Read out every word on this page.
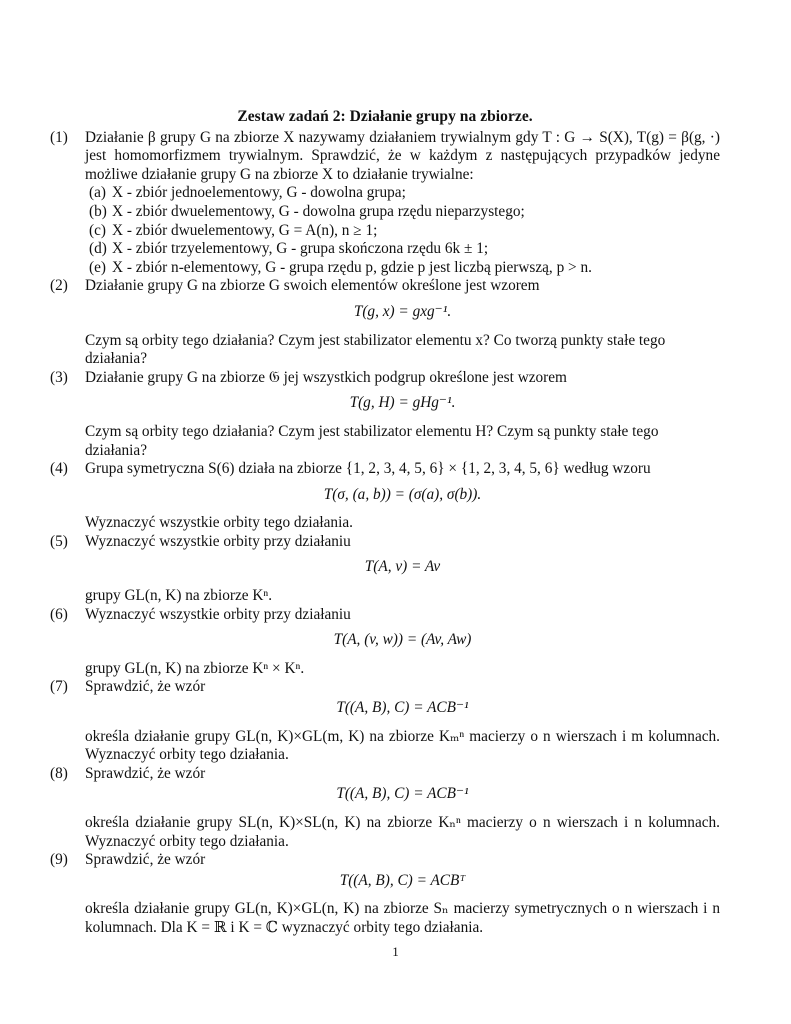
Zestaw zadań 2: Działanie grupy na zbiorze.
(1) Działanie β grupy G na zbiorze X nazywamy działaniem trywialnym gdy T : G → S(X), T(g) = β(g, ·) jest homomorfizmem trywialnym. Sprawdzić, że w każdym z następujących przypadków jedyne możliwe działanie grupy G na zbiorze X to działanie trywialne:
(a) X - zbiór jednoelementowy, G - dowolna grupa;
(b) X - zbiór dwuelementowy, G - dowolna grupa rzędu nieparzystego;
(c) X - zbiór dwuelementowy, G = A(n), n ≥ 1;
(d) X - zbiór trzyelementowy, G - grupa skończona rzędu 6k ± 1;
(e) X - zbiór n-elementowy, G - grupa rzędu p, gdzie p jest liczbą pierwszą, p > n.
(2) Działanie grupy G na zbiorze G swoich elementów określone jest wzorem
T(g, x) = gxg⁻¹.
Czym są orbity tego działania? Czym jest stabilizator elementu x? Co tworzą punkty stałe tego działania?
(3) Działanie grupy G na zbiorze 𝔊 jej wszystkich podgrup określone jest wzorem
T(g, H) = gHg⁻¹.
Czym są orbity tego działania? Czym jest stabilizator elementu H? Czym są punkty stałe tego działania?
(4) Grupa symetryczna S(6) działa na zbiorze {1, 2, 3, 4, 5, 6} × {1, 2, 3, 4, 5, 6} według wzoru
T(σ, (a, b)) = (σ(a), σ(b)).
Wyznaczyć wszystkie orbity tego działania.
(5) Wyznaczyć wszystkie orbity przy działaniu
T(A, v) = Av
grupy GL(n, K) na zbiorze Kⁿ.
(6) Wyznaczyć wszystkie orbity przy działaniu
T(A, (v, w)) = (Av, Aw)
grupy GL(n, K) na zbiorze Kⁿ × Kⁿ.
(7) Sprawdzić, że wzór
T((A, B), C) = ACB⁻¹
określa działanie grupy GL(n, K)×GL(m, K) na zbiorze Kₘⁿ macierzy o n wierszach i m kolumnach. Wyznaczyć orbity tego działania.
(8) Sprawdzić, że wzór
T((A, B), C) = ACB⁻¹
określa działanie grupy SL(n, K)×SL(n, K) na zbiorze Kₙⁿ macierzy o n wierszach i n kolumnach. Wyznaczyć orbity tego działania.
(9) Sprawdzić, że wzór
T((A, B), C) = ACBᵀ
określa działanie grupy GL(n, K)×GL(n, K) na zbiorze Sₙ macierzy symetrycznych o n wierszach i n kolumnach. Dla K = ℝ i K = ℂ wyznaczyć orbity tego działania.
1
